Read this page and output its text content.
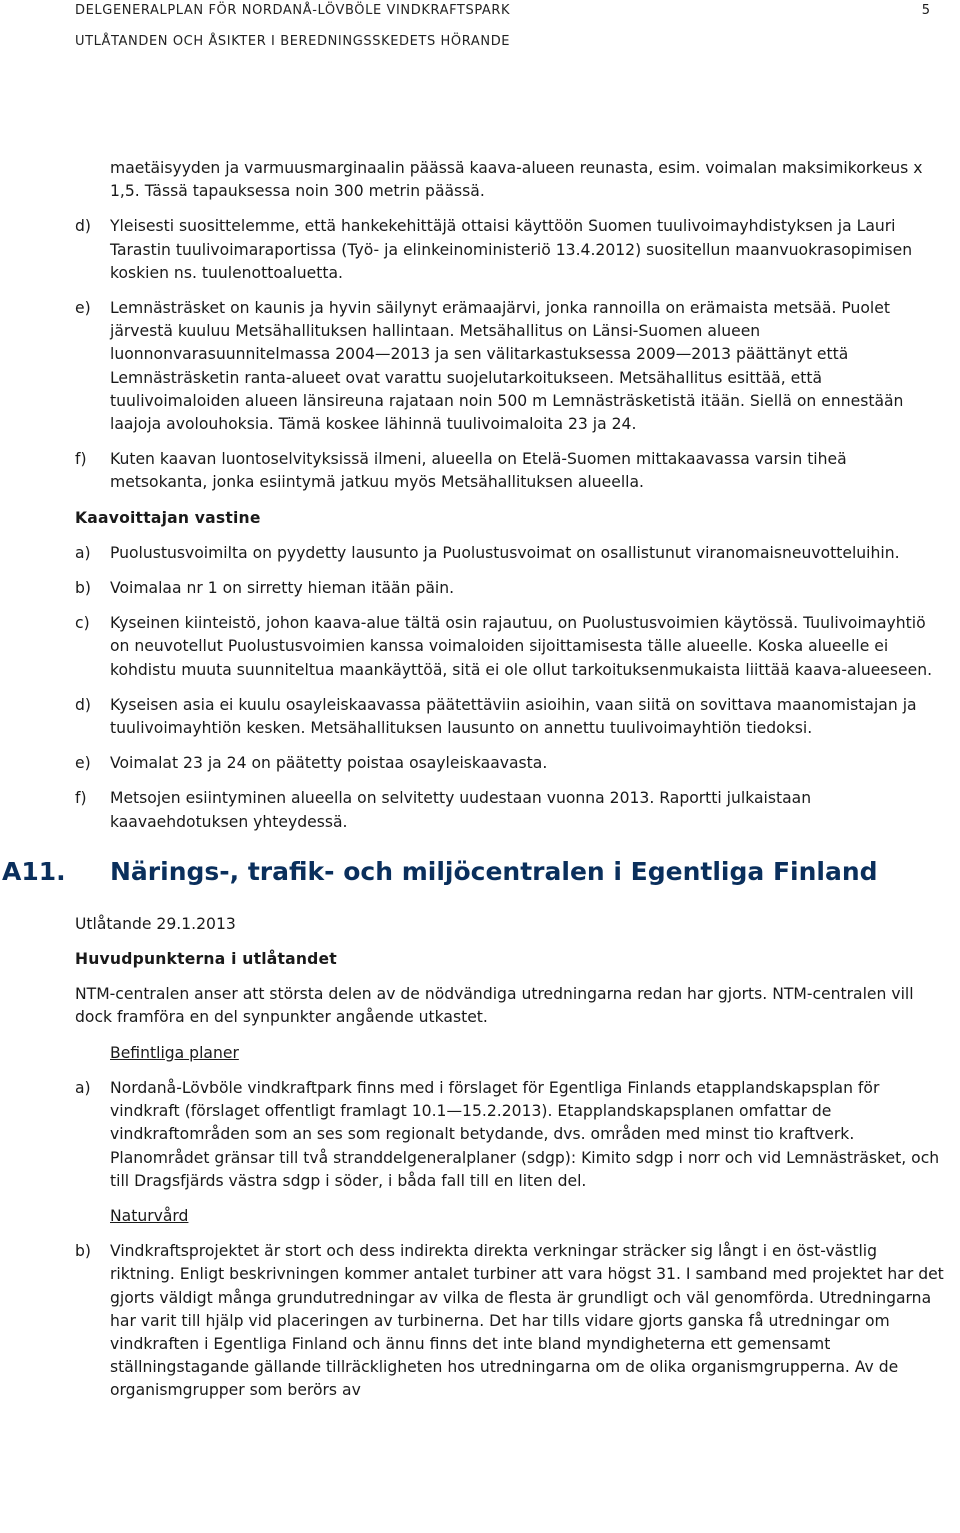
DELGENERALPLAN FÖR NORDANÅ-LÖVBÖLE VINDKRAFTSPARK	5
UTLÅTANDEN OCH ÅSIKTER I BEREDNINGSSKEDETS HÖRANDE

maetäisyyden ja varmuusmarginaalin päässä kaava-alueen reunasta, esim. voimalan maksimikorkeus x 1,5. Tässä tapauksessa noin 300 metrin päässä.

d) Yleisesti suosittelemme, että hankekehittäjä ottaisi käyttöön Suomen tuulivoimayhdistyksen ja Lauri Tarastin tuulivoimaraportissa (Työ- ja elinkeinoministeriö 13.4.2012) suositellun maanvuokrasopimisen koskien ns. tuulenottoaluetta.

e) Lemnästräsket on kaunis ja hyvin säilynyt erämaajärvi, jonka rannoilla on erämaista metsää. Puolet järvestä kuuluu Metsähallituksen hallintaan. Metsähallitus on Länsi-Suomen alueen luonnonvarasuunnitelmassa 2004—2013 ja sen välitarkastuksessa 2009—2013 päättänyt että Lemnästräsketin ranta-alueet ovat varattu suojelutarkoitukseen. Metsähallitus esittää, että tuulivoimaloiden alueen länsireuna rajataan noin 500 m Lemnästräsketistä itään. Siellä on ennestään laajoja avolouhoksia. Tämä koskee lähinnä tuulivoimaloita 23 ja 24.

f) Kuten kaavan luontoselvityksissä ilmeni, alueella on Etelä-Suomen mittakaavassa varsin tiheä metsokanta, jonka esiintymä jatkuu myös Metsähallituksen alueella.

Kaavoittajan vastine

a) Puolustusvoimilta on pyydetty lausunto ja Puolustusvoimat on osallistunut viranomaisneuvotteluihin.

b) Voimalaa nr 1 on sirretty hieman itään päin.

c) Kyseinen kiinteistö, johon kaava-alue tältä osin rajautuu, on Puolustusvoimien käytössä. Tuulivoimayhtiö on neuvotellut Puolustusvoimien kanssa voimaloiden sijoittamisesta tälle alueelle. Koska alueelle ei kohdistu muuta suunniteltua maankäyttöä, sitä ei ole ollut tarkoituksenmukaista liittää kaava-alueeseen.

d) Kyseisen asia ei kuulu osayleiskaavassa päätettäviin asioihin, vaan siitä on sovittava maanomistajan ja tuulivoimayhtiön kesken. Metsähallituksen lausunto on annettu tuulivoimayhtiön tiedoksi.

e) Voimalat 23 ja 24 on päätetty poistaa osayleiskaavasta.

f) Metsojen esiintyminen alueella on selvitetty uudestaan vuonna 2013. Raportti julkaistaan kaavaehdotuksen yhteydessä.

A11.	Närings-, trafik- och miljöcentralen i Egentliga Finland

Utlåtande 29.1.2013

Huvudpunkterna i utlåtandet

NTM-centralen anser att största delen av de nödvändiga utredningarna redan har gjorts. NTM-centralen vill dock framföra en del synpunkter angående utkastet.

Befintliga planer

a) Nordanå-Lövböle vindkraftpark finns med i förslaget för Egentliga Finlands etapplandskapsplan för vindkraft (förslaget offentligt framlagt 10.1—15.2.2013). Etapplandskapsplanen omfattar de vindkraftområden som an ses som regionalt betydande, dvs. områden med minst tio kraftverk. Planområdet gränsar till två stranddelgeneralplaner (sdgp): Kimito sdgp i norr och vid Lemnästräsket, och till Dragsfjärds västra sdgp i söder, i båda fall till en liten del.

Naturvård

b) Vindkraftsprojektet är stort och dess indirekta direkta verkningar sträcker sig långt i en öst-västlig riktning. Enligt beskrivningen kommer antalet turbiner att vara högst 31. I samband med projektet har det gjorts väldigt många grundutredningar av vilka de flesta är grundligt och väl genomförda. Utredningarna har varit till hjälp vid placeringen av turbinerna. Det har tills vidare gjorts ganska få utredningar om vindkraften i Egentliga Finland och ännu finns det inte bland myndigheterna ett gemensamt ställningstagande gällande tillräckligheten hos utredningarna om de olika organismgrupperna. Av de organismgrupper som berörs av
